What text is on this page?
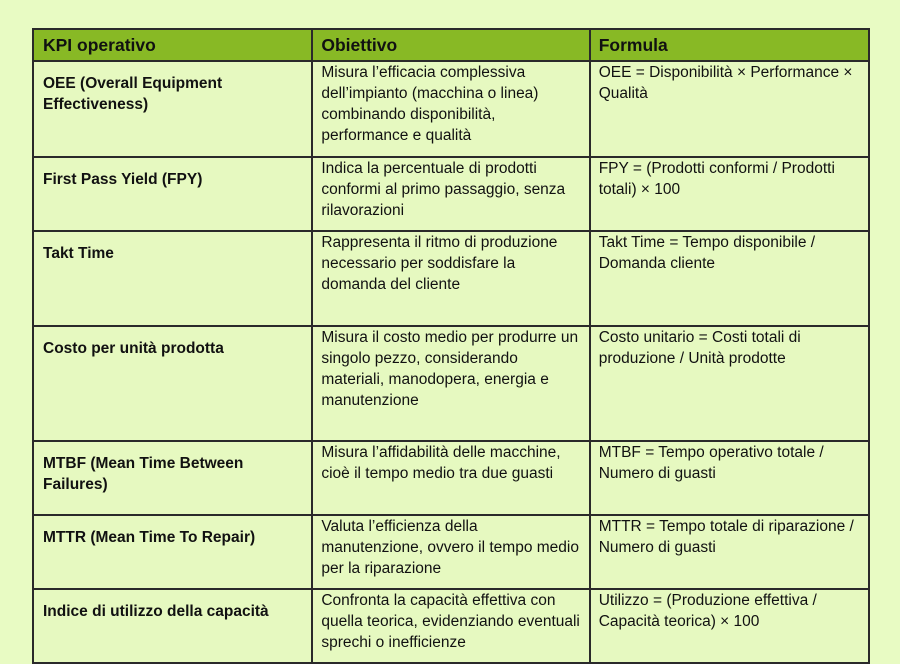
KPI operativo	Obiettivo	Formula
OEE (Overall Equipment Effectiveness)	Misura l’efficacia complessiva dell’impianto (macchina o linea) combinando disponibilità, performance e qualità	OEE = Disponibilità × Performance × Qualità
First Pass Yield (FPY)	Indica la percentuale di prodotti conformi al primo passaggio, senza rilavorazioni	FPY = (Prodotti conformi / Prodotti totali) × 100
Takt Time	Rappresenta il ritmo di produzione necessario per soddisfare la domanda del cliente	Takt Time = Tempo disponibile / Domanda cliente
Costo per unità prodotta	Misura il costo medio per produrre un singolo pezzo, considerando materiali, manodopera, energia e manutenzione	Costo unitario = Costi totali di produzione / Unità prodotte
MTBF (Mean Time Between Failures)	Misura l’affidabilità delle macchine, cioè il tempo medio tra due guasti	MTBF = Tempo operativo totale / Numero di guasti
MTTR (Mean Time To Repair)	Valuta l’efficienza della manutenzione, ovvero il tempo medio per la riparazione	MTTR = Tempo totale di riparazione / Numero di guasti
Indice di utilizzo della capacità	Confronta la capacità effettiva con quella teorica, evidenziando eventuali sprechi o inefficienze	Utilizzo = (Produzione effettiva / Capacità teorica) × 100
